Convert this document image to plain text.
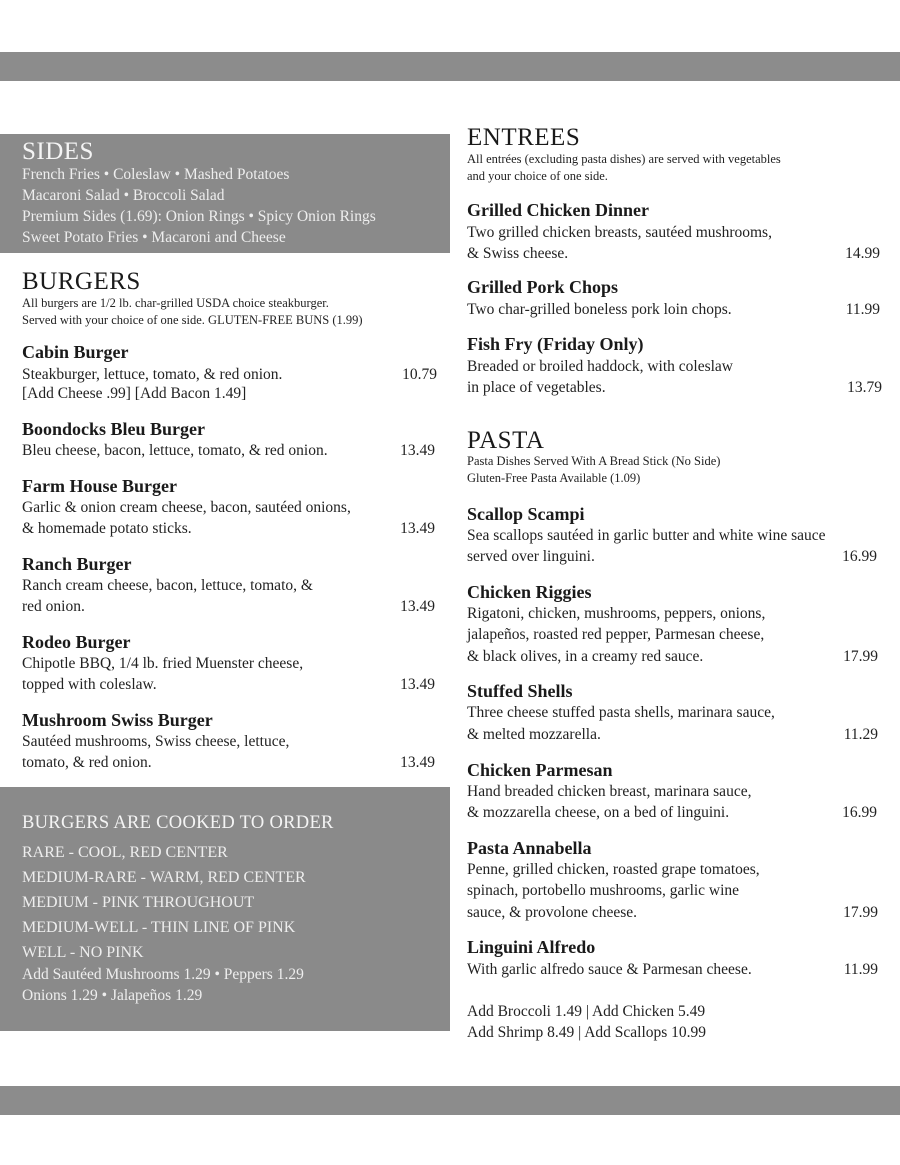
SIDES
French Fries • Coleslaw • Mashed Potatoes
Macaroni Salad • Broccoli Salad
Premium Sides (1.69): Onion Rings • Spicy Onion Rings
Sweet Potato Fries • Macaroni and Cheese
BURGERS
All burgers are 1/2 lb. char-grilled USDA choice steakburger.
Served with your choice of one side. GLUTEN-FREE BUNS (1.99)
Cabin Burger
Steakburger, lettuce, tomato, & red onion.
[Add Cheese .99] [Add Bacon 1.49]
10.79
Boondocks Bleu Burger
Bleu cheese, bacon, lettuce, tomato, & red onion.	13.49
Farm House Burger
Garlic & onion cream cheese, bacon, sautéed onions,
& homemade potato sticks.	13.49
Ranch Burger
Ranch cream cheese, bacon, lettuce, tomato, &
red onion.	13.49
Rodeo Burger
Chipotle BBQ, 1/4 lb. fried Muenster cheese,
topped with coleslaw.	13.49
Mushroom Swiss Burger
Sautéed mushrooms, Swiss cheese, lettuce,
tomato, & red onion.	13.49
BURGERS ARE COOKED TO ORDER
RARE - COOL, RED CENTER
MEDIUM-RARE - WARM, RED CENTER
MEDIUM - PINK THROUGHOUT
MEDIUM-WELL - THIN LINE OF PINK
WELL - NO PINK
Add Sautéed Mushrooms 1.29 • Peppers 1.29
Onions 1.29 • Jalapeños 1.29
ENTREES
All entrées (excluding pasta dishes) are served with vegetables
and your choice of one side.
Grilled Chicken Dinner
Two grilled chicken breasts, sautéed mushrooms,
& Swiss cheese.	14.99
Grilled Pork Chops
Two char-grilled boneless pork loin chops.	11.99
Fish Fry (Friday Only)
Breaded or broiled haddock, with coleslaw
in place of vegetables.	13.79
PASTA
Pasta Dishes Served With A Bread Stick (No Side)
Gluten-Free Pasta Available (1.09)
Scallop Scampi
Sea scallops sautéed in garlic butter and white wine sauce
served over linguini.	16.99
Chicken Riggies
Rigatoni, chicken, mushrooms, peppers, onions,
jalapeños, roasted red pepper, Parmesan cheese,
& black olives, in a creamy red sauce.	17.99
Stuffed Shells
Three cheese stuffed pasta shells, marinara sauce,
& melted mozzarella.	11.29
Chicken Parmesan
Hand breaded chicken breast, marinara sauce,
& mozzarella cheese, on a bed of linguini.	16.99
Pasta Annabella
Penne, grilled chicken, roasted grape tomatoes,
spinach, portobello mushrooms, garlic wine
sauce, & provolone cheese.	17.99
Linguini Alfredo
With garlic alfredo sauce & Parmesan cheese.	11.99
Add Broccoli 1.49 | Add Chicken 5.49
Add Shrimp 8.49 | Add Scallops 10.99
